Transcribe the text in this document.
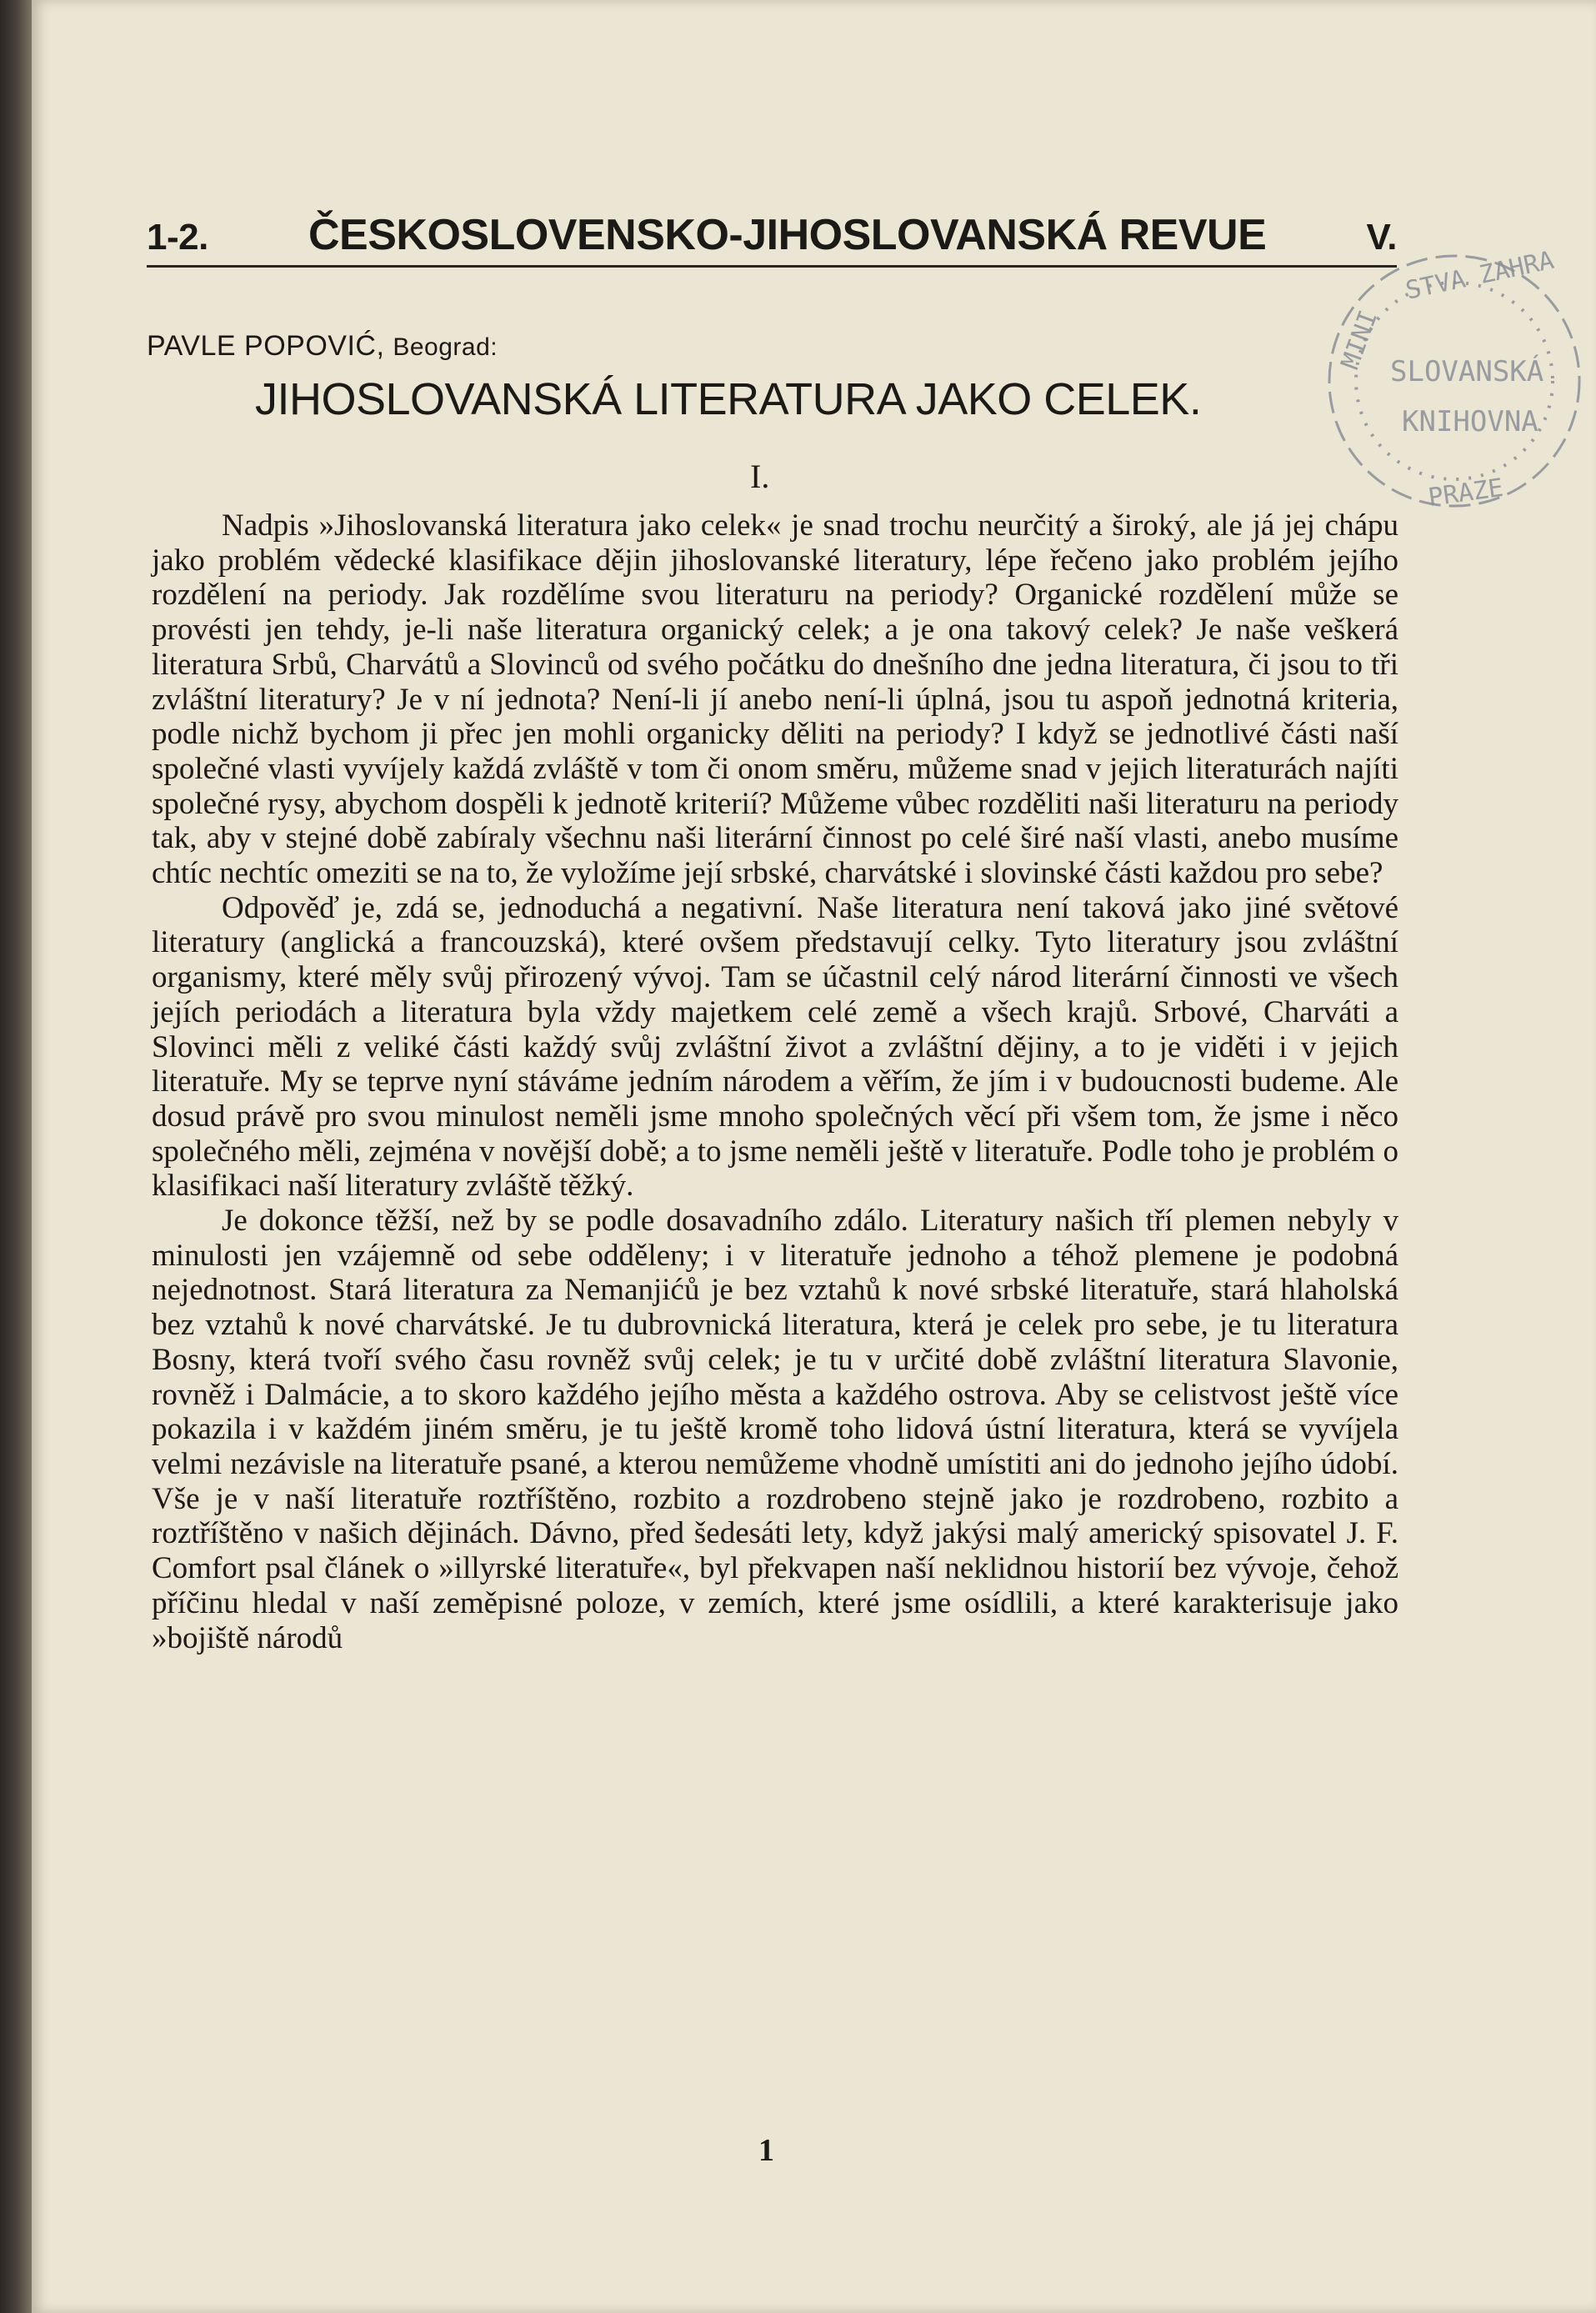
1-2. ČESKOSLOVENSKO-JIHOSLOVANSKÁ REVUE	V.
PAVLE POPOVIĆ, Beograd:
JIHOSLOVANSKÁ LITERATURA JAKO CELEK.
I.

Nadpis »Jihoslovanská literatura jako celek« je snad trochu neurčitý a široký, ale já jej chápu jako problém vědecké klasifikace dějin jihoslovanské literatury, lépe řečeno jako problém jejího rozdělení na periody. Jak rozdělíme svou literaturu na periody? Organické rozdělení může se provésti jen tehdy, je-li naše literatura organický celek; a je ona takový celek? Je naše veškerá literatura Srbů, Charvátů a Slovinců od svého počátku do dnešního dne jedna literatura, či jsou to tři zvláštní literatury? Je v ní jednota? Není-li jí anebo není-li úplná, jsou tu aspoň jednotná kriteria, podle nichž bychom ji přec jen mohli organicky děliti na periody? I když se jednotlivé části naší společné vlasti vyvíjely každá zvláště v tom či onom směru, můžeme snad v jejich literaturách najíti společné rysy, abychom dospěli k jednotě kriterií? Můžeme vůbec rozděliti naši literaturu na periody tak, aby v stejné době zabíraly všechnu naši literární činnost po celé širé naší vlasti, anebo musíme chtíc nechtíc omeziti se na to, že vyložíme její srbské, charvátské i slovinské části každou pro sebe?

Odpověď je, zdá se, jednoduchá a negativní. Naše literatura není taková jako jiné světové literatury (anglická a francouzská), které ovšem představují celky. Tyto literatury jsou zvláštní organismy, které měly svůj přirozený vývoj. Tam se účastnil celý národ literární činnosti ve všech jejích periodách a literatura byla vždy majetkem celé země a všech krajů. Srbové, Charváti a Slovinci měli z veliké části každý svůj zvláštní život a zvláštní dějiny, a to je viděti i v jejich literatuře. My se teprve nyní stáváme jedním národem a věřím, že jím i v budoucnosti budeme. Ale dosud právě pro svou minulost neměli jsme mnoho společných věcí při všem tom, že jsme i něco společného měli, zejména v novější době; a to jsme neměli ještě v literatuře. Podle toho je problém o klasifikaci naší literatury zvláště těžký.

Je dokonce těžší, než by se podle dosavadního zdálo. Literatury našich tří plemen nebyly v minulosti jen vzájemně od sebe odděleny; i v literatuře jednoho a téhož plemene je podobná nejednotnost. Stará literatura za Nemanjićů je bez vztahů k nové srbské literatuře, stará hlaholská bez vztahů k nové charvátské. Je tu dubrovnická literatura, která je celek pro sebe, je tu literatura Bosny, která tvoří svého času rovněž svůj celek; je tu v určité době zvláštní literatura Slavonie, rovněž i Dalmácie, a to skoro každého jejího města a každého ostrova. Aby se celistvost ještě více pokazila i v každém jiném směru, je tu ještě kromě toho lidová ústní literatura, která se vyvíjela velmi nezávisle na literatuře psané, a kterou nemůžeme vhodně umístiti ani do jednoho jejího údobí. Vše je v naší literatuře roztříštěno, rozbito a rozdrobeno stejně jako je rozdrobeno, rozbito a roztříštěno v našich dějinách. Dávno, před šedesáti lety, když jakýsi malý americký spisovatel J. F. Comfort psal článek o »illyrské literatuře«, byl překvapen naší neklidnou historií bez vývoje, čehož příčinu hledal v naší zeměpisné poloze, v zemích, které jsme osídlili, a které karakterisuje jako »bojiště národů

1
STVA ZAHRA
MINI SLOVANSKÁ
KNIHOVNA
PRAZE
